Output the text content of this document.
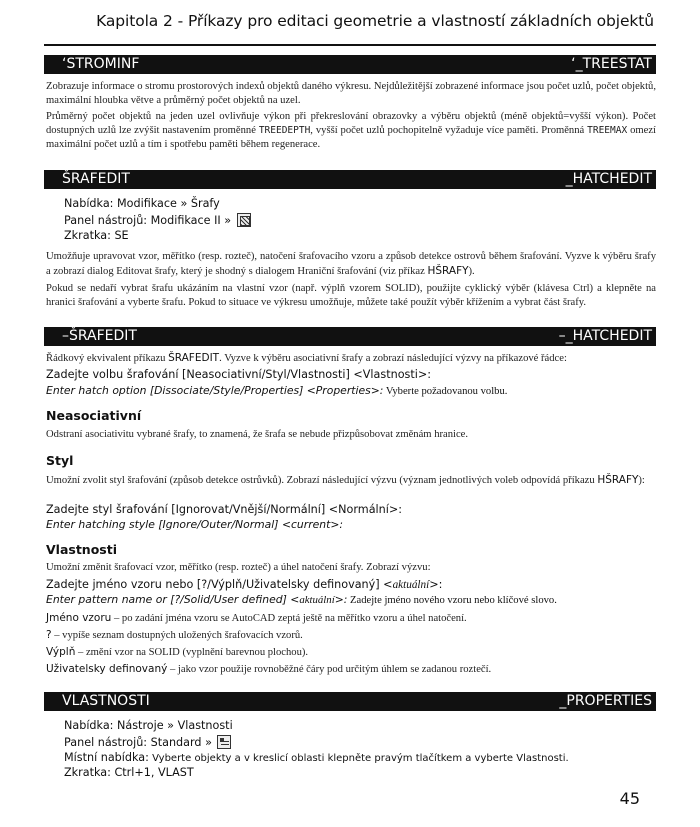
Kapitola 2 - Příkazy pro editaci geometrie a vlastností základních objektů
‘STROMINF	‘_TREESTAT
Zobrazuje informace o stromu prostorových indexů objektů daného výkresu. Nejdůležitější zobrazené informace jsou počet uzlů, počet objektů, maximální hloubka větve a průměrný počet objektů na uzel.
Průměrný počet objektů na jeden uzel ovlivňuje výkon při překreslování obrazovky a výběru objektů (méně objektů=vyšší výkon). Počet dostupných uzlů lze zvýšit nastavením proměnné TREEDEPTH, vyšší počet uzlů pochopitelně vyžaduje více paměti. Proměnná TREEMAX omezí maximální počet uzlů a tím i spotřebu paměti během regenerace.
ŠRAFEDIT	_HATCHEDIT
Nabídka: Modifikace » Šrafy
Panel nástrojů: Modifikace II »
Zkratka: SE
Umožňuje upravovat vzor, měřítko (resp. rozteč), natočení šrafovacího vzoru a způsob detekce ostrovů během šrafování. Vyzve k výběru šrafy a zobrazí dialog Editovat šrafy, který je shodný s dialogem Hraniční šrafování (viz příkaz HŠRAFY).
Pokud se nedaří vybrat šrafu ukázáním na vlastní vzor (např. výplň vzorem SOLID), použijte cyklický výběr (klávesa Ctrl) a klepněte na hranici šrafování a vyberte šrafu. Pokud to situace ve výkresu umožňuje, můžete také použít výběr křížením a vybrat část šrafy.
–ŠRAFEDIT	–_HATCHEDIT
Řádkový ekvivalent příkazu ŠRAFEDIT. Vyzve k výběru asociativní šrafy a zobrazí následující výzvy na příkazové řádce:
Zadejte volbu šrafování [Neasociativní/Styl/Vlastnosti] <Vlastnosti>:
Enter hatch option [Dissociate/Style/Properties] <Properties>: Vyberte požadovanou volbu.
Neasociativní
Odstraní asociativitu vybrané šrafy, to znamená, že šrafa se nebude přizpůsobovat změnám hranice.
Styl
Umožní zvolit styl šrafování (způsob detekce ostrůvků). Zobrazí následující výzvu (význam jednotlivých voleb odpovídá příkazu HŠRAFY):
Zadejte styl šrafování [Ignorovat/Vnější/Normální] <Normální>:
Enter hatching style [Ignore/Outer/Normal] <current>:
Vlastnosti
Umožní změnit šrafovací vzor, měřítko (resp. rozteč) a úhel natočení šrafy. Zobrazí výzvu:
Zadejte jméno vzoru nebo [?/Výplň/Uživatelsky definovaný] <aktuální>:
Enter pattern name or [?/Solid/User defined] <aktuální>: Zadejte jméno nového vzoru nebo klíčové slovo.
Jméno vzoru – po zadání jména vzoru se AutoCAD zeptá ještě na měřítko vzoru a úhel natočení.
? – vypíše seznam dostupných uložených šrafovacích vzorů.
Výplň – změní vzor na SOLID (vyplnění barevnou plochou).
Uživatelsky definovaný – jako vzor použije rovnoběžné čáry pod určitým úhlem se zadanou roztečí.
VLASTNOSTI	_PROPERTIES
Nabídka: Nástroje » Vlastnosti
Panel nástrojů: Standard »
Místní nabídka: Vyberte objekty a v kreslicí oblasti klepněte pravým tlačítkem a vyberte Vlastnosti.
Zkratka: Ctrl+1, VLAST
45
